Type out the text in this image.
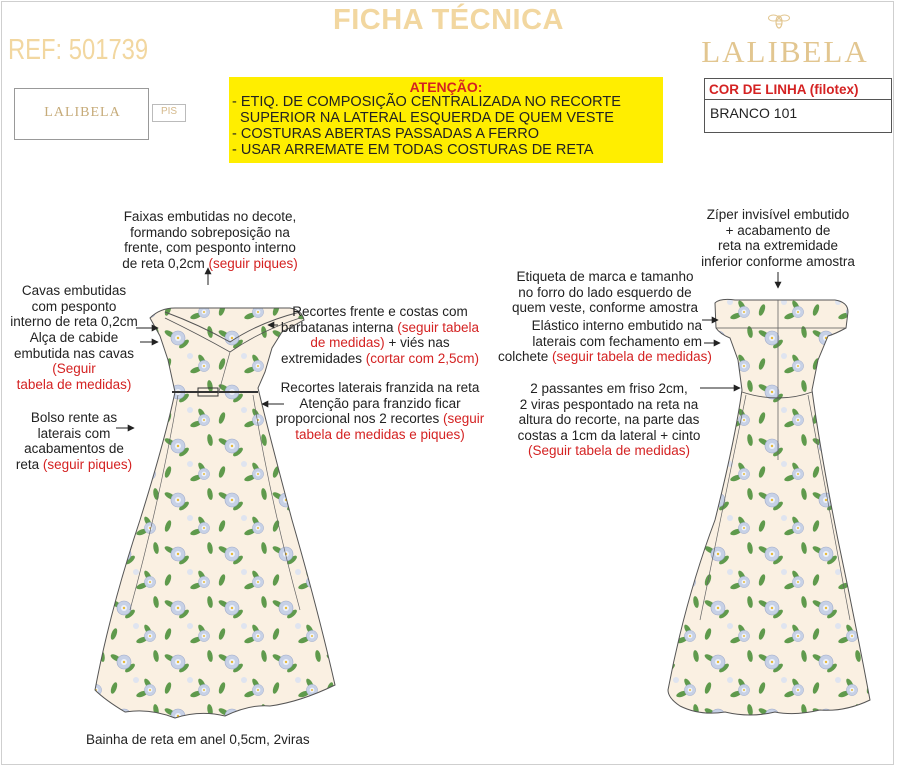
FICHA TÉCNICA
REF: 501739	LALIBELA
LALIBELA	PIS
ATENÇÃO:
- ETIQ. DE COMPOSIÇÃO CENTRALIZADA NO RECORTE
SUPERIOR NA LATERAL ESQUERDA DE QUEM VESTE
- COSTURAS ABERTAS PASSADAS A FERRO
- USAR ARREMATE EM TODAS COSTURAS DE RETA
COR DE LINHA (filotex)
BRANCO 101
Faixas embutidas no decote,
formando sobreposição na
frente, com pesponto interno
de reta 0,2cm (seguir piques)
Cavas embutidas
com pesponto
interno de reta 0,2cm
Alça de cabide
embutida nas cavas
(Seguir
tabela de medidas)
Bolso rente as
laterais com
acabamentos de
reta (seguir piques)
Recortes frente e costas com
barbatanas interna (seguir tabela
de medidas) + viés nas
extremidades (cortar com 2,5cm)
Recortes laterais franzida na reta
Atenção para franzido ficar
proporcional nos 2 recortes (seguir
tabela de medidas e piques)
Bainha de reta em anel 0,5cm, 2viras
Zíper invisível embutido
+ acabamento de
reta na extremidade
inferior conforme amostra
Etiqueta de marca e tamanho
no forro do lado esquerdo de
quem veste, conforme amostra
Elástico interno embutido na
laterais com fechamento em
colchete (seguir tabela de medidas)
2 passantes em friso 2cm,
2 viras pespontado na reta na
altura do recorte, na parte das
costas a 1cm da lateral + cinto
(Seguir tabela de medidas)
